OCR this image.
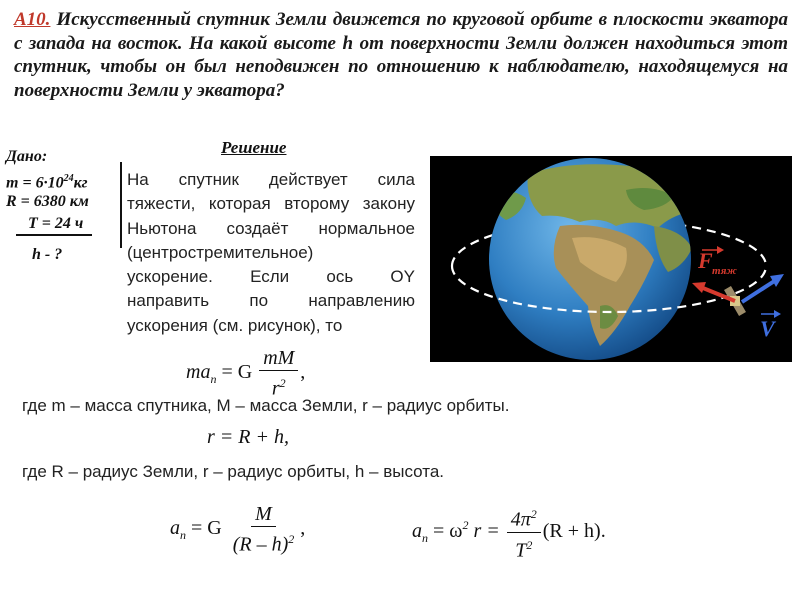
А10. Искусственный спутник Земли движется по круговой орбите в плоскости экватора с запада на восток. На какой высоте h от поверхности Земли должен находиться этот спутник, чтобы он был неподвижен по отношению к наблюдателю, находящемуся на поверхности Земли у экватора?
Дано:
$m = 6\cdot 10^{24}кг$
R = 6380 км
T = 24 ч
h - ?
Решение
На спутник действует сила
тяжести, которая второму закону
Ньютона создаёт нормальное
(центростремительное)
ускорение. Если ось OY
направить по направлению
ускорения (см. рисунок), то
F тяж
V
$ma_n = G \frac{mM}{r^2}$ ,
где m – масса спутника, M – масса Земли, r – радиус орбиты.
r = R + h,
где R – радиус Земли, r – радиус орбиты, h – высота.
$a_n = G \frac{M}{(R - h)^2}$ ,	$a_n = \omega^2$ $r = \frac{4\pi^2}{T^2} (R + h)$.
